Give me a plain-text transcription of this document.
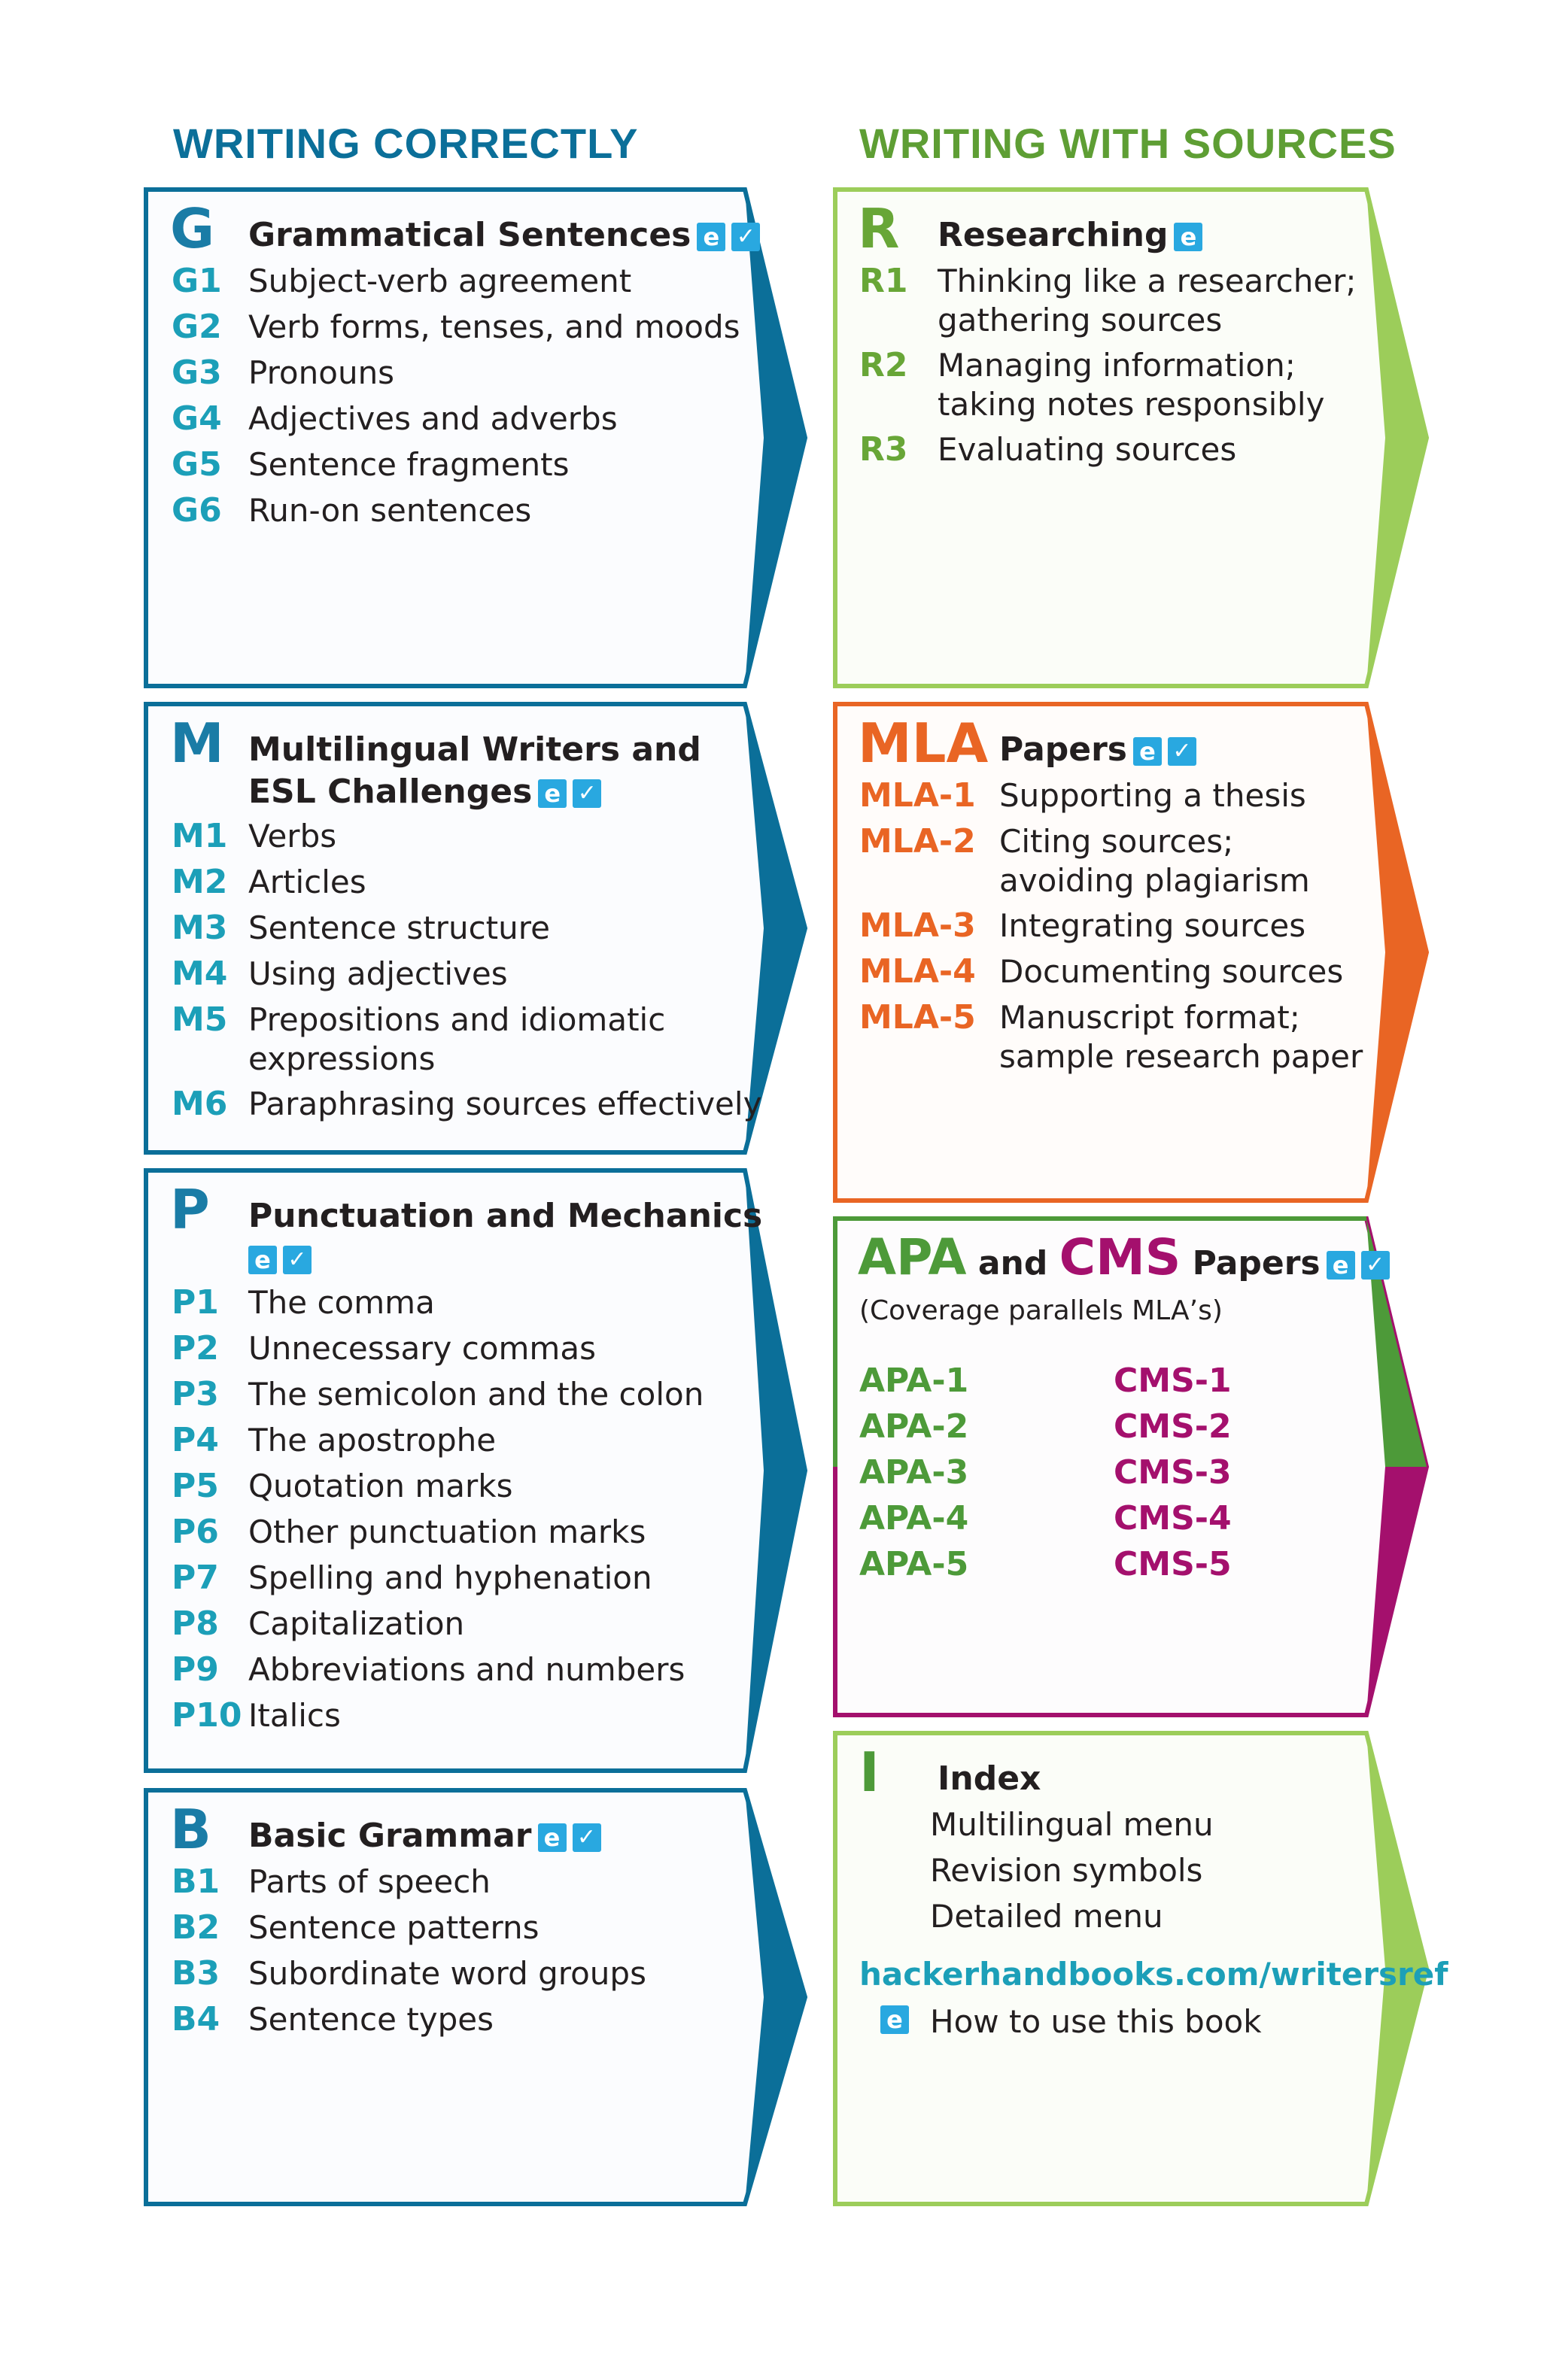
WRITING CORRECTLY	WRITING WITH SOURCES
G Grammatical Sentences e ✓
G1 Subject-verb agreement
G2 Verb forms, tenses, and moods
G3 Pronouns
G4 Adjectives and adverbs
G5 Sentence fragments
G6 Run-on sentences
M Multilingual Writers and
ESL Challenges e ✓
M1 Verbs
M2 Articles
M3 Sentence structure
M4 Using adjectives
M5 Prepositions and idiomatic
expressions
M6 Paraphrasing sources effectively
P Punctuation and Mechanics
e ✓
P1 The comma
P2 Unnecessary commas
P3 The semicolon and the colon
P4 The apostrophe
P5 Quotation marks
P6 Other punctuation marks
P7 Spelling and hyphenation
P8 Capitalization
P9 Abbreviations and numbers
P10 Italics
B Basic Grammar e ✓
B1 Parts of speech
B2 Sentence patterns
B3 Subordinate word groups
B4 Sentence types
R Researching e
R1 Thinking like a researcher;
gathering sources
R2 Managing information;
taking notes responsibly
R3 Evaluating sources
MLA Papers e ✓
MLA-1 Supporting a thesis
MLA-2 Citing sources;
avoiding plagiarism
MLA-3 Integrating sources
MLA-4 Documenting sources
MLA-5 Manuscript format;
sample research paper
APA and CMS Papers e ✓
(Coverage parallels MLA’s)
APA-1
APA-2
APA-3
APA-4
APA-5
CMS-1
CMS-2
CMS-3
CMS-4
CMS-5
I Index
Multilingual menu
Revision symbols
Detailed menu
hackerhandbooks.com/writersref
e How to use this book
